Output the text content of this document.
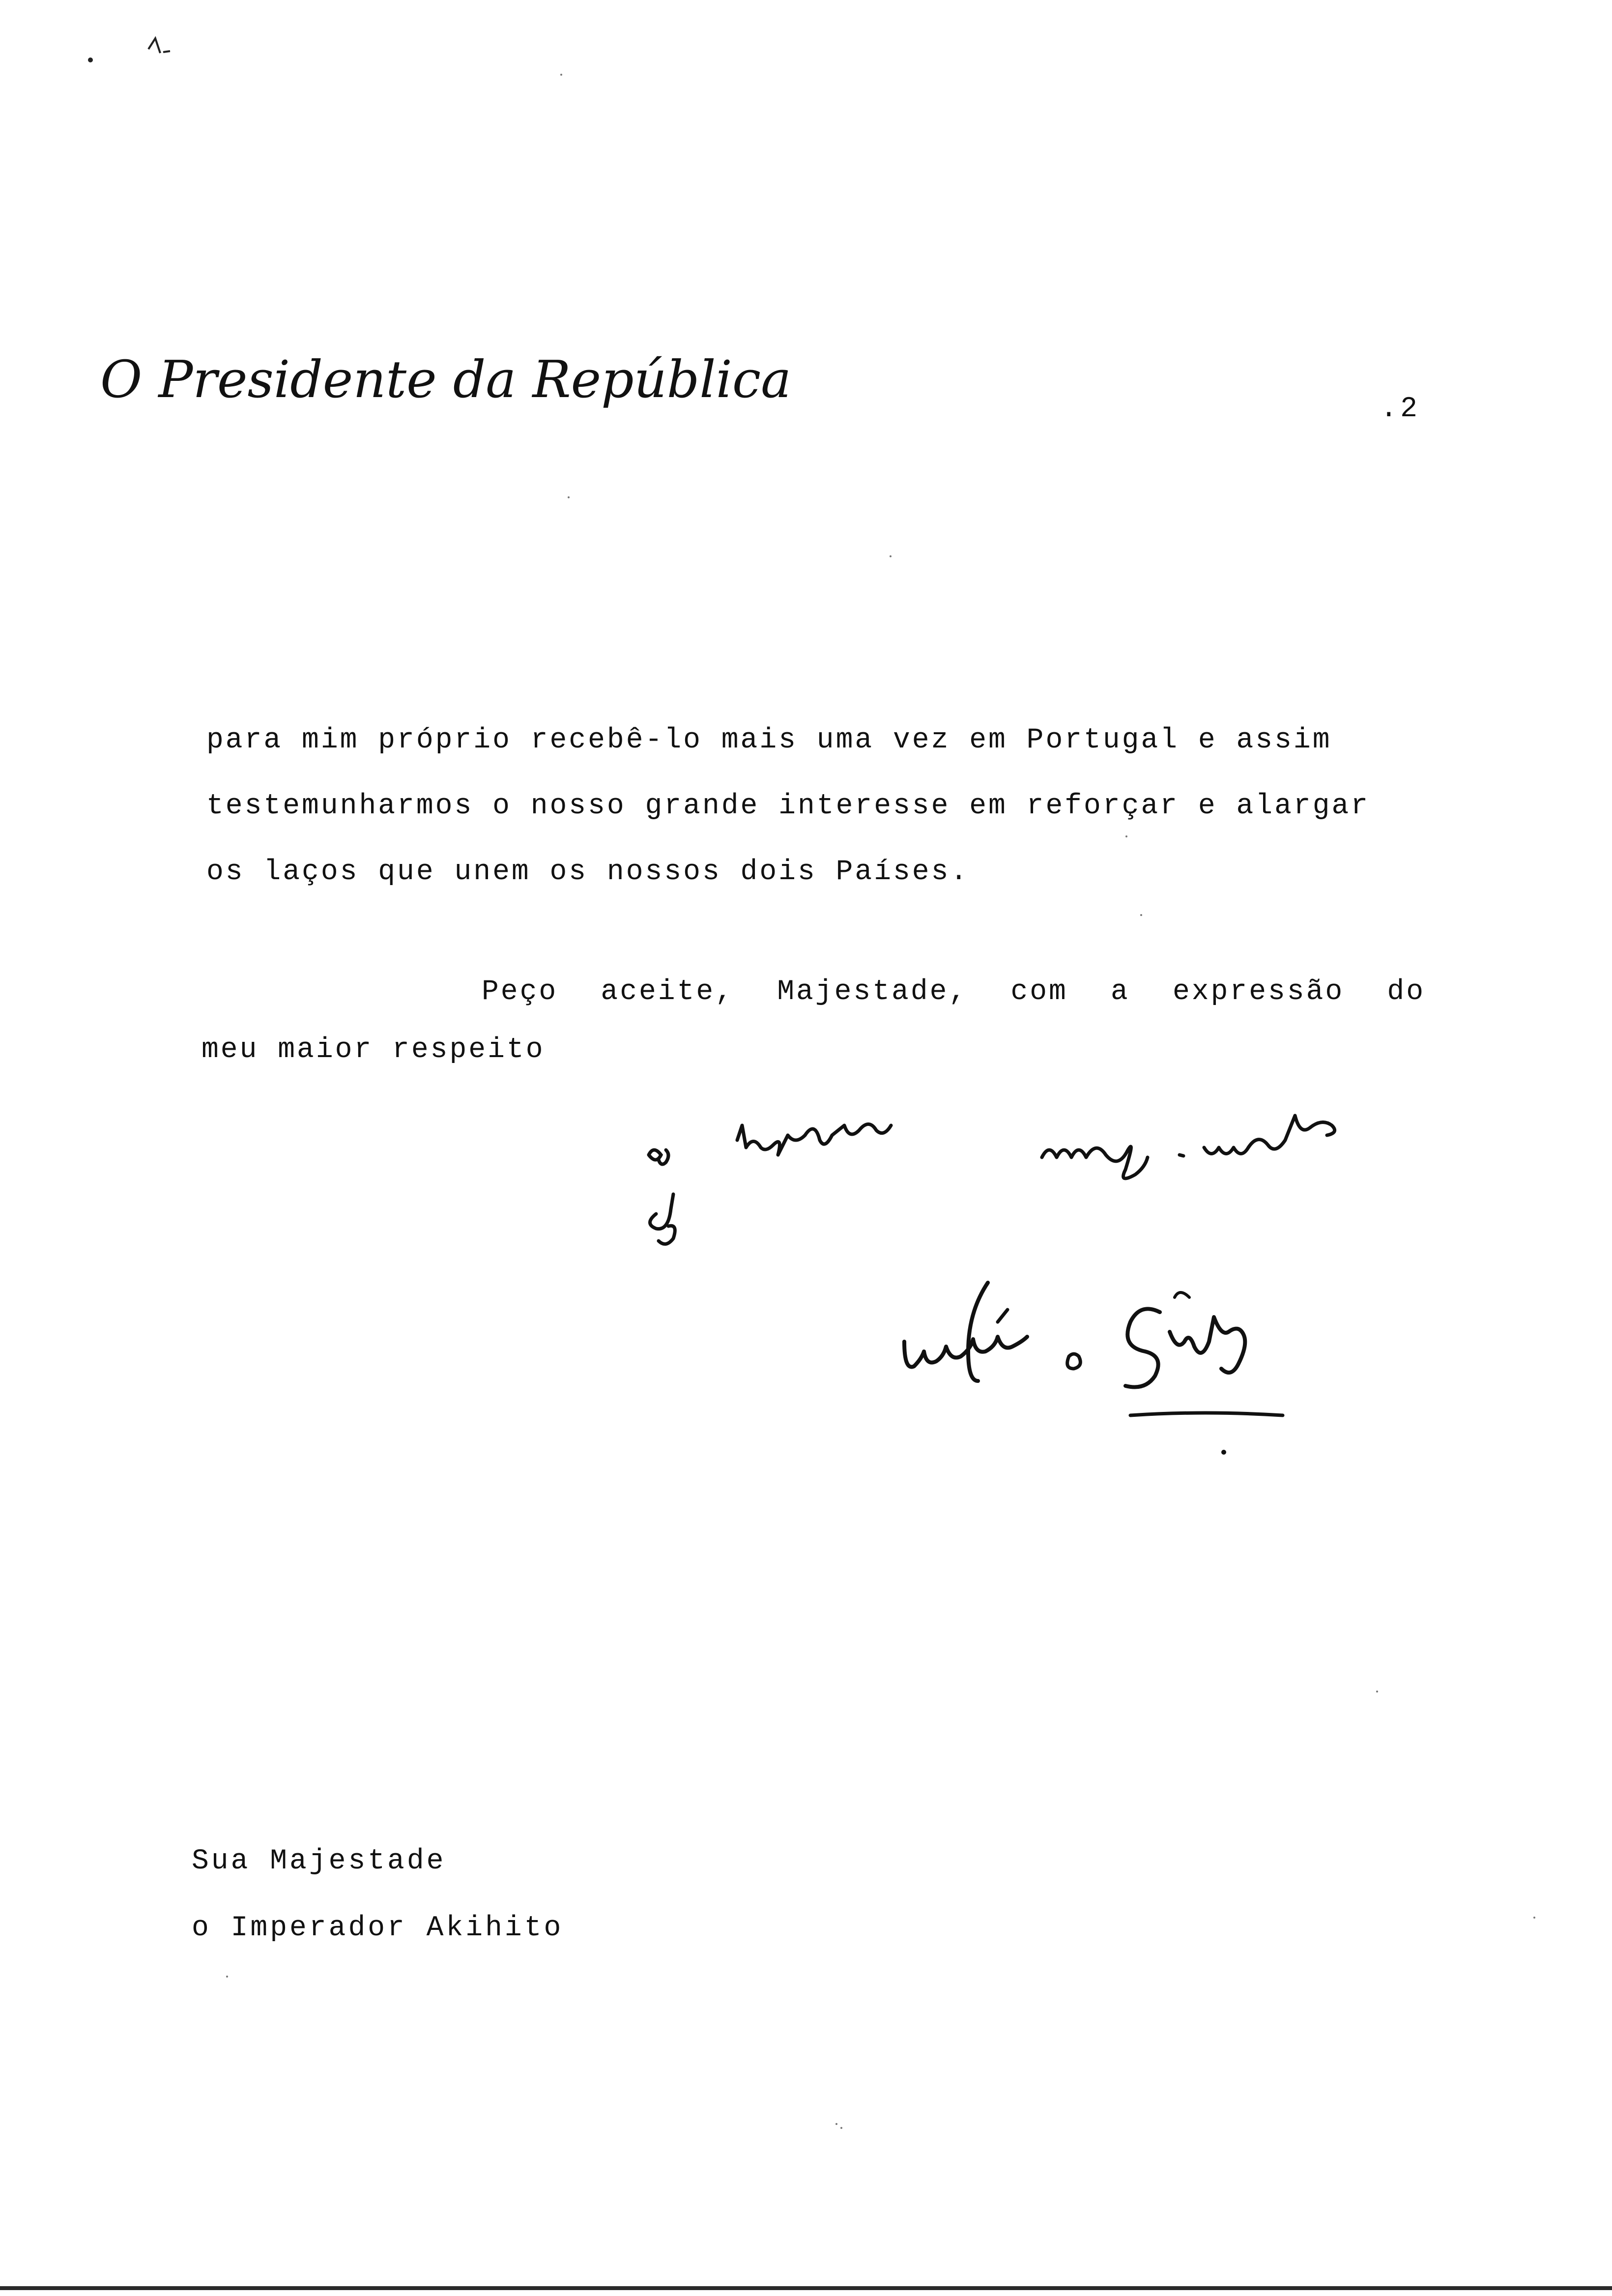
O Presidente da República	.2

para mim próprio recebê-lo mais uma vez em Portugal e assim

testemunharmos o nosso grande interesse em reforçar e alargar

os laços que unem os nossos dois Países.

Peço aceite, Majestade, com a expressão do

meu maior respeito

Sua Majestade

o Imperador Akihito
